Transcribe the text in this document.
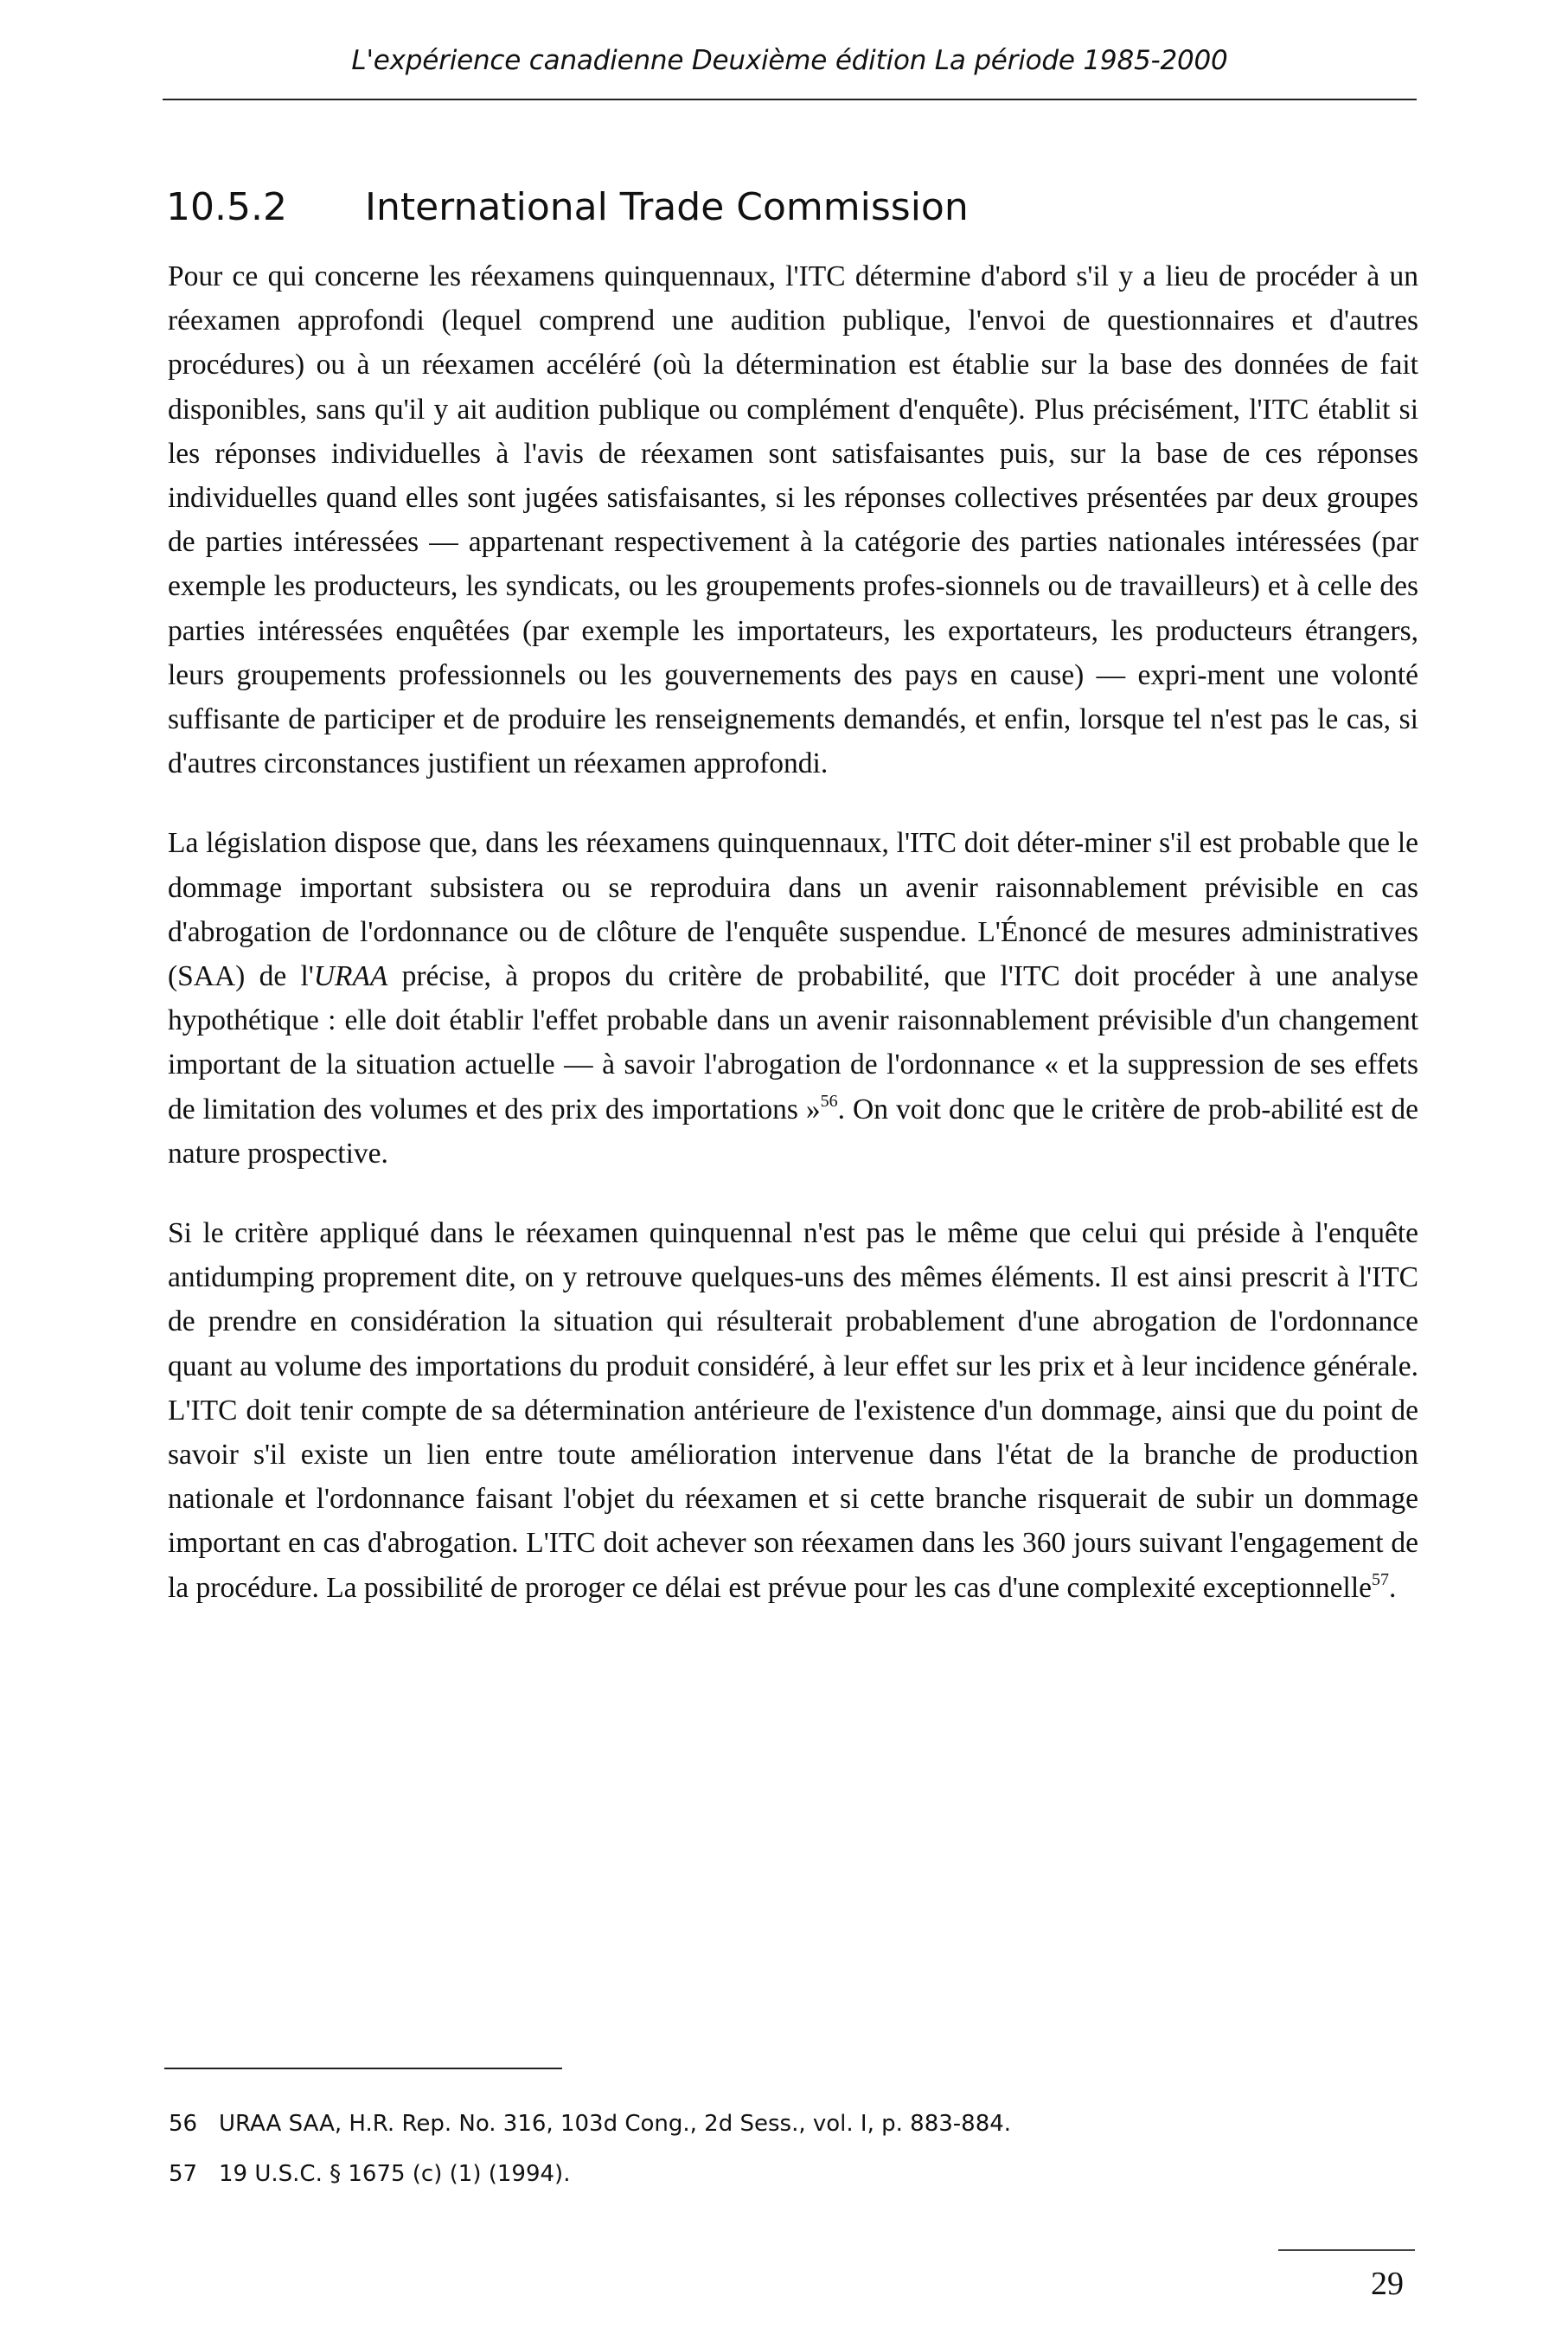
L'expérience canadienne Deuxième édition La période 1985-2000
10.5.2 International Trade Commission

Pour ce qui concerne les réexamens quinquennaux, l'ITC détermine d'abord s'il y a lieu de procéder à un réexamen approfondi (lequel comprend une audition publique, l'envoi de questionnaires et d'autres procédures) ou à un réexamen accéléré (où la détermination est établie sur la base des données de fait disponibles, sans qu'il y ait audition publique ou complément d'enquête). Plus précisément, l'ITC établit si les réponses individuelles à l'avis de réexamen sont satisfaisantes puis, sur la base de ces réponses individuelles quand elles sont jugées satisfaisantes, si les réponses collectives présentées par deux groupes de parties intéressées — appartenant respectivement à la catégorie des parties nationales intéressées (par exemple les producteurs, les syndicats, ou les groupements profes-sionnels ou de travailleurs) et à celle des parties intéressées enquêtées (par exemple les importateurs, les exportateurs, les producteurs étrangers, leurs groupements professionnels ou les gouvernements des pays en cause) — expri-ment une volonté suffisante de participer et de produire les renseignements demandés, et enfin, lorsque tel n'est pas le cas, si d'autres circonstances justifient un réexamen approfondi.

La législation dispose que, dans les réexamens quinquennaux, l'ITC doit déter-miner s'il est probable que le dommage important subsistera ou se reproduira dans un avenir raisonnablement prévisible en cas d'abrogation de l'ordonnance ou de clôture de l'enquête suspendue. L'Énoncé de mesures administratives (SAA) de l'URAA précise, à propos du critère de probabilité, que l'ITC doit procéder à une analyse hypothétique : elle doit établir l'effet probable dans un avenir raisonnablement prévisible d'un changement important de la situation actuelle — à savoir l'abrogation de l'ordonnance « et la suppression de ses effets de limitation des volumes et des prix des importations »$^{56}$. On voit donc que le critère de prob-abilité est de nature prospective.

Si le critère appliqué dans le réexamen quinquennal n'est pas le même que celui qui préside à l'enquête antidumping proprement dite, on y retrouve quelques-uns des mêmes éléments. Il est ainsi prescrit à l'ITC de prendre en considération la situation qui résulterait probablement d'une abrogation de l'ordonnance quant au volume des importations du produit considéré, à leur effet sur les prix et à leur incidence générale. L'ITC doit tenir compte de sa détermination antérieure de l'existence d'un dommage, ainsi que du point de savoir s'il existe un lien entre toute amélioration intervenue dans l'état de la branche de production nationale et l'ordonnance faisant l'objet du réexamen et si cette branche risquerait de subir un dommage important en cas d'abrogation. L'ITC doit achever son réexamen dans les 360 jours suivant l'engagement de la procédure. La possibilité de proroger ce délai est prévue pour les cas d'une complexité exceptionnelle$^{57}$.

56 URAA SAA, H.R. Rep. No. 316, 103d Cong., 2d Sess., vol. I, p. 883-884.
57 19 U.S.C. § 1675 (c) (1) (1994).
29
